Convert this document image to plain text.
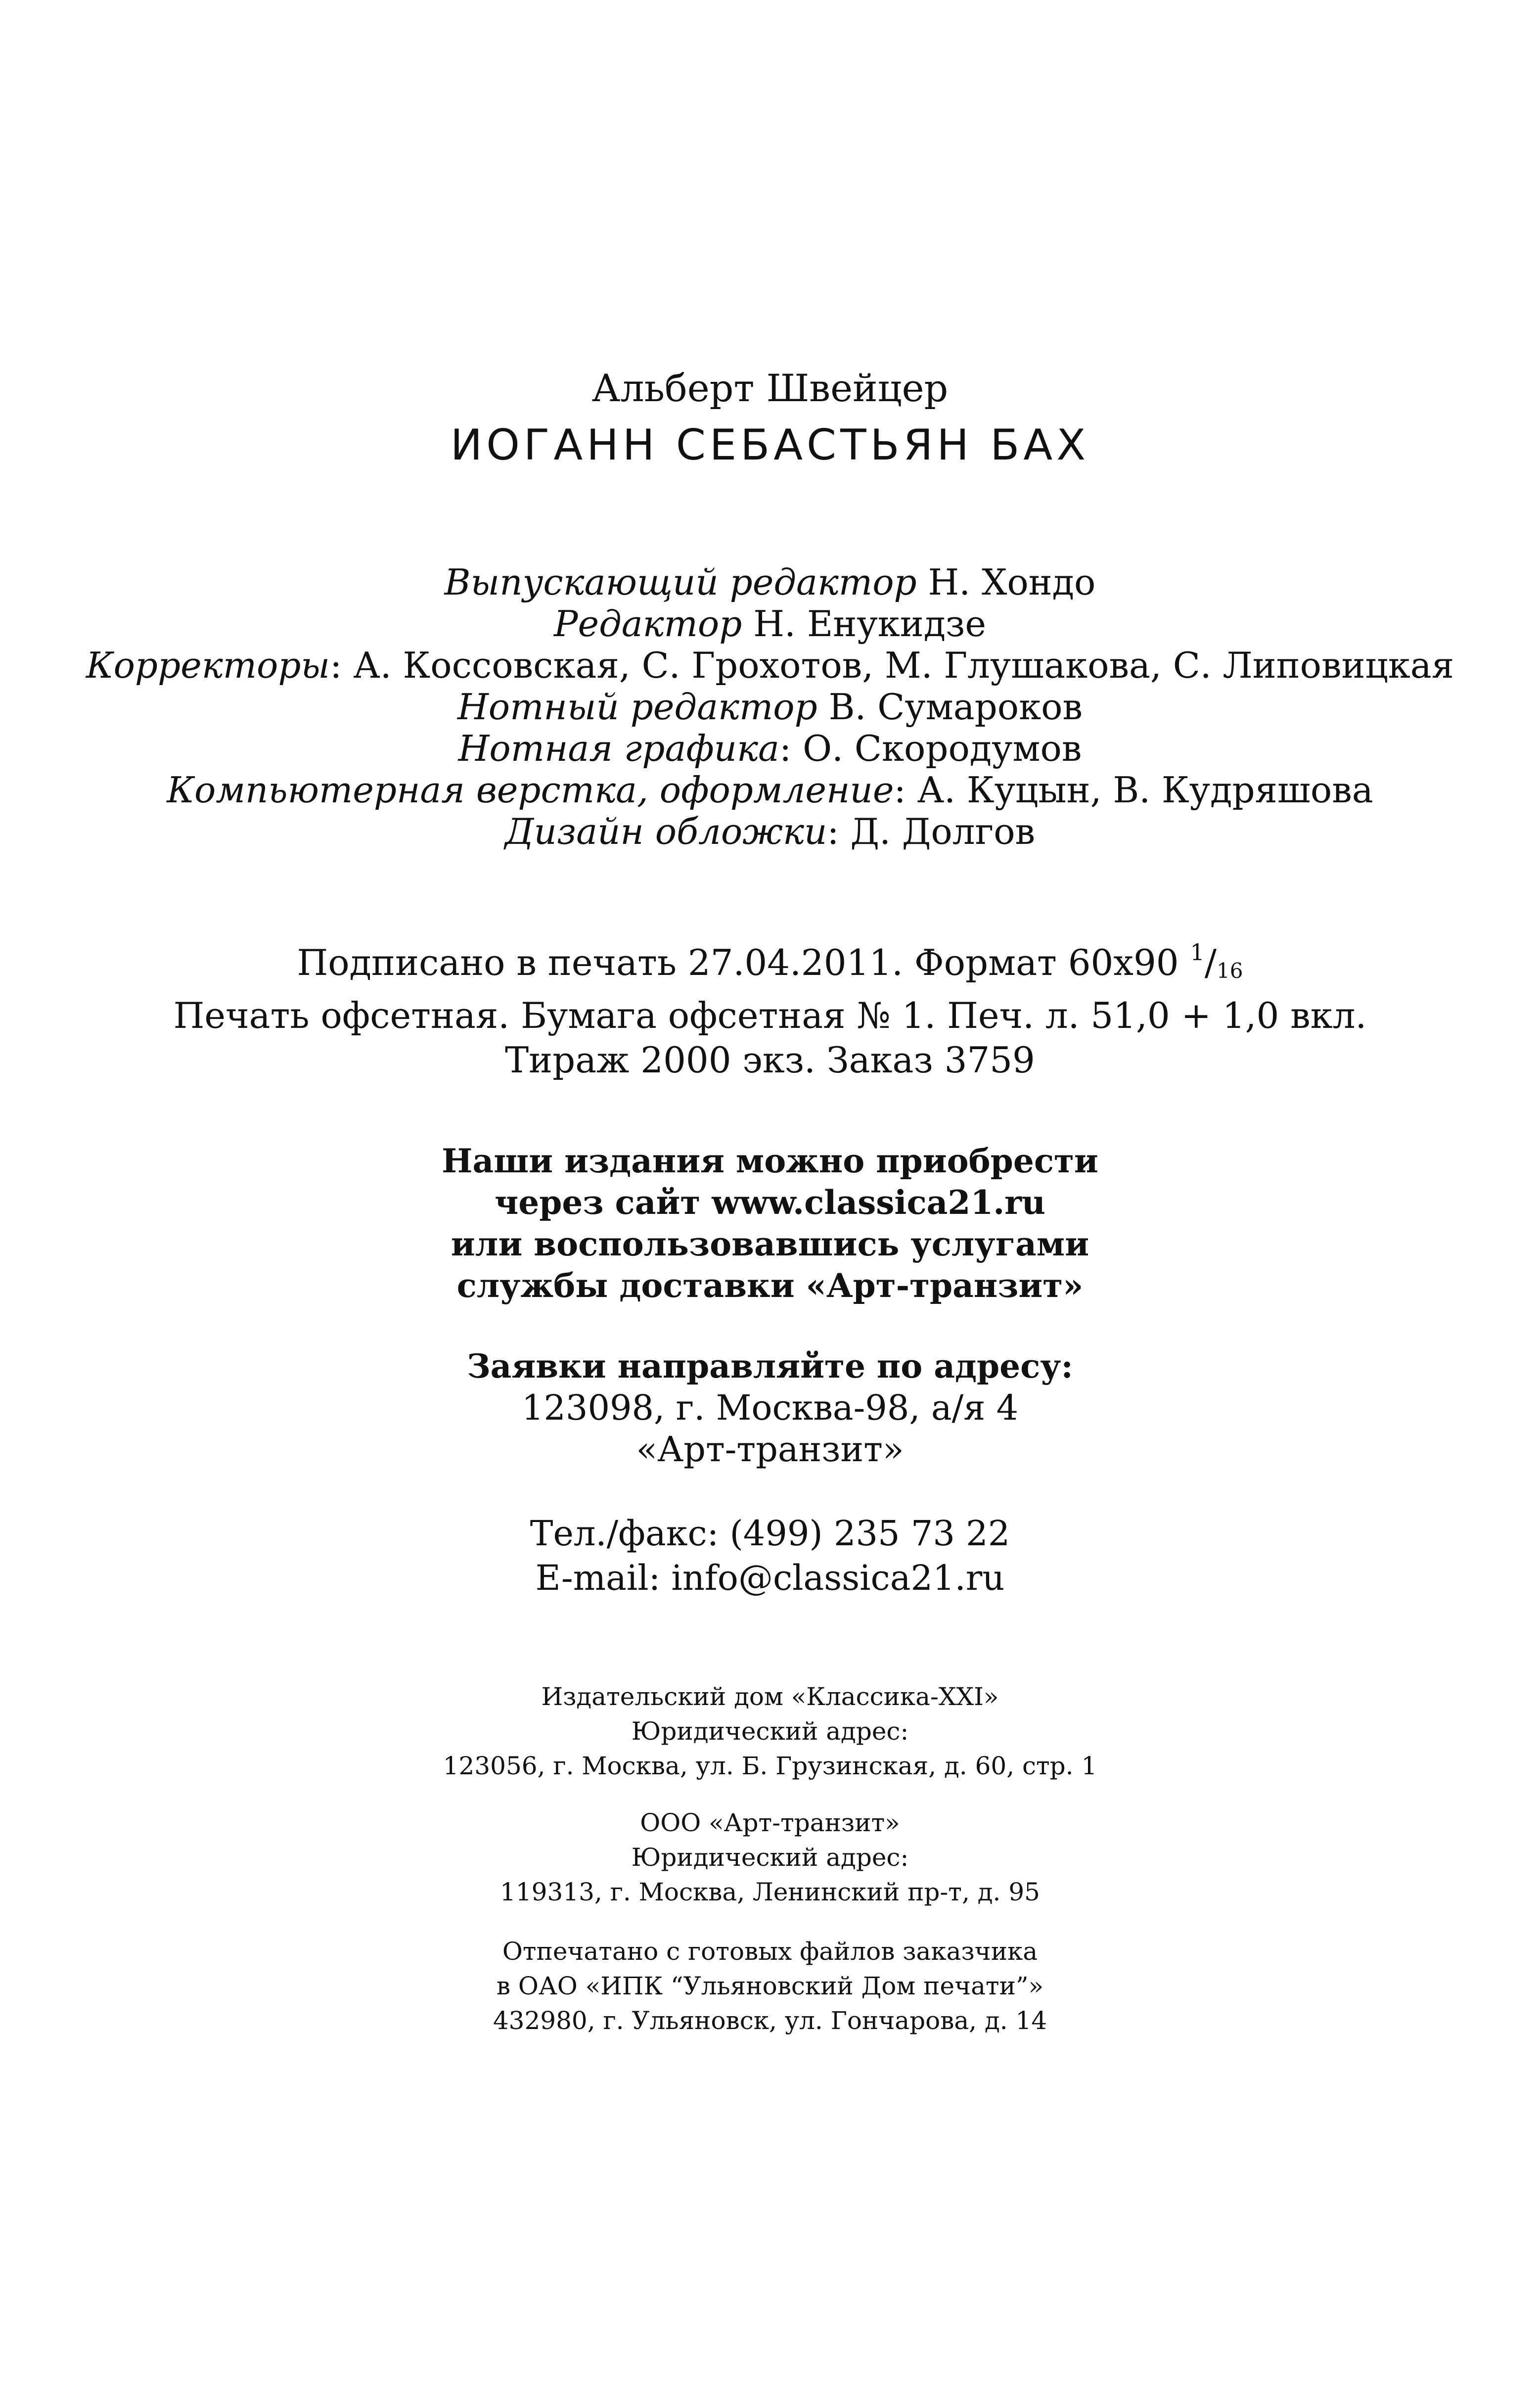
Альберт Швейцер
ИОГАНН СЕБАСТЬЯН БАХ
Выпускающий редактор Н. Хондо
Редактор Н. Енукидзе
Корректоры: А. Коссовская, С. Грохотов, М. Глушакова, С. Липовицкая
Нотный редактор В. Сумароков
Нотная графика: О. Скородумов
Компьютерная верстка, оформление: А. Куцын, В. Кудряшова
Дизайн обложки: Д. Долгов
Подписано в печать 27.04.2011. Формат 60x90 $^1/_{16}$
Печать офсетная. Бумага офсетная № 1. Печ. л. 51,0 + 1,0 вкл.
Тираж 2000 экз. Заказ 3759
Наши издания можно приобрести
через сайт www.classica21.ru
или воспользовавшись услугами
службы доставки «Арт-транзит»
Заявки направляйте по адресу:
123098, г. Москва-98, а/я 4
«Арт-транзит»
Тел./факс: (499) 235 73 22
E-mail: info@classica21.ru
Издательский дом «Классика-XXI»
Юридический адрес:
123056, г. Москва, ул. Б. Грузинская, д. 60, стр. 1
ООО «Арт-транзит»
Юридический адрес:
119313, г. Москва, Ленинский пр-т, д. 95
Отпечатано с готовых файлов заказчика
в ОАО «ИПК “Ульяновский Дом печати”»
432980, г. Ульяновск, ул. Гончарова, д. 14
